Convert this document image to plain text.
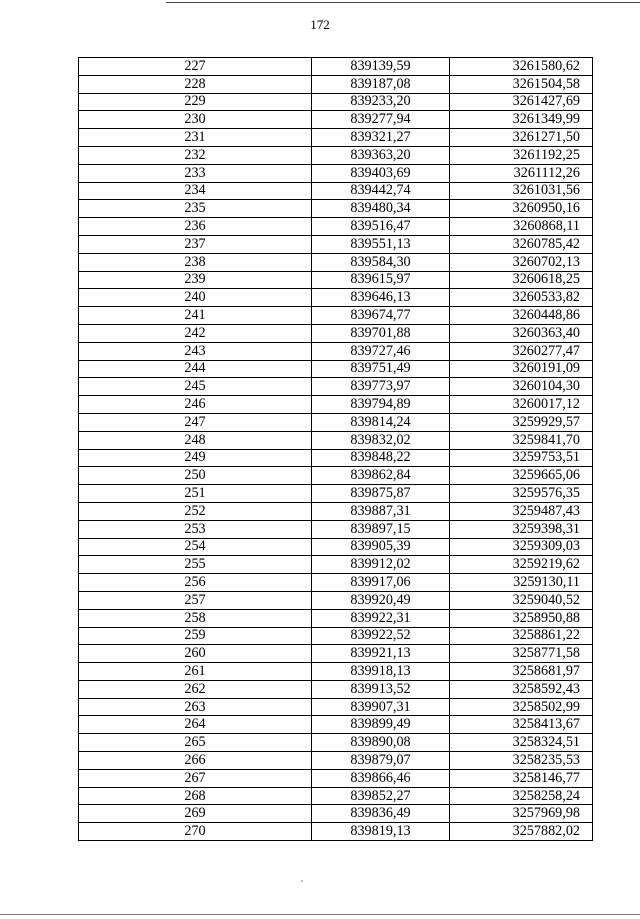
172
227	839139,59	3261580,62
228	839187,08	3261504,58
229	839233,20	3261427,69
230	839277,94	3261349,99
231	839321,27	3261271,50
232	839363,20	3261192,25
233	839403,69	3261112,26
234	839442,74	3261031,56
235	839480,34	3260950,16
236	839516,47	3260868,11
237	839551,13	3260785,42
238	839584,30	3260702,13
239	839615,97	3260618,25
240	839646,13	3260533,82
241	839674,77	3260448,86
242	839701,88	3260363,40
243	839727,46	3260277,47
244	839751,49	3260191,09
245	839773,97	3260104,30
246	839794,89	3260017,12
247	839814,24	3259929,57
248	839832,02	3259841,70
249	839848,22	3259753,51
250	839862,84	3259665,06
251	839875,87	3259576,35
252	839887,31	3259487,43
253	839897,15	3259398,31
254	839905,39	3259309,03
255	839912,02	3259219,62
256	839917,06	3259130,11
257	839920,49	3259040,52
258	839922,31	3258950,88
259	839922,52	3258861,22
260	839921,13	3258771,58
261	839918,13	3258681,97
262	839913,52	3258592,43
263	839907,31	3258502,99
264	839899,49	3258413,67
265	839890,08	3258324,51
266	839879,07	3258235,53
267	839866,46	3258146,77
268	839852,27	3258258,24
269	839836,49	3257969,98
270	839819,13	3257882,02
